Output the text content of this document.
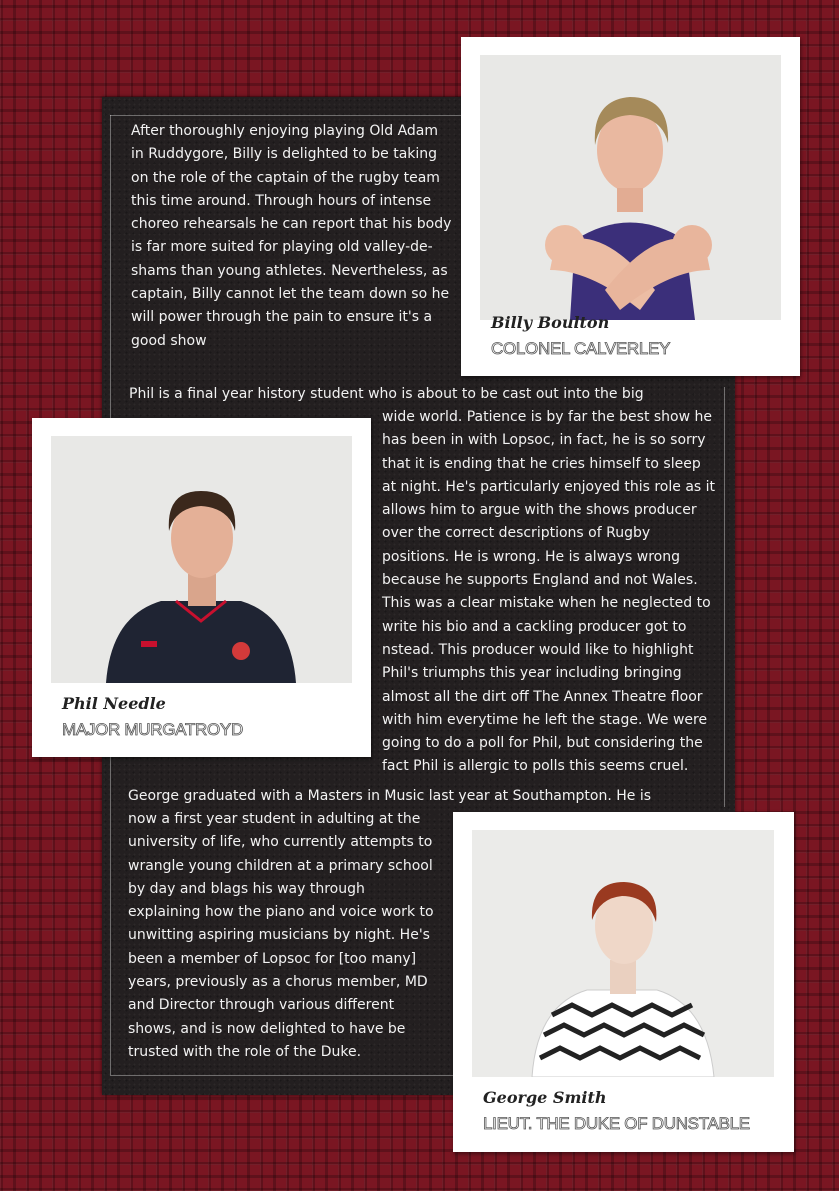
After thoroughly enjoying playing Old Adam in Ruddygore, Billy is delighted to be taking on the role of the captain of the rugby team this time around. Through hours of intense choreo rehearsals he can report that his body is far more suited for playing old valley-de-shams than young athletes. Nevertheless, as captain, Billy cannot let the team down so he will power through the pain to ensure it's a good show

Billy Boulton

COLONEL CALVERLEY

Phil is a final year history student who is about to be cast out into the big

wide world. Patience is by far the best show he has been in with Lopsoc, in fact, he is so sorry that it is ending that he cries himself to sleep at night. He's particularly enjoyed this role as it allows him to argue with the shows producer over the correct descriptions of Rugby positions. He is wrong. He is always wrong because he supports England and not Wales. This was a clear mistake when he neglected to write his bio and a cackling producer got to nstead. This producer would like to highlight Phil's triumphs this year including bringing almost all the dirt off The Annex Theatre floor with him everytime he left the stage. We were going to do a poll for Phil, but considering the fact Phil is allergic to polls this seems cruel.

Phil Needle

MAJOR MURGATROYD

George graduated with a Masters in Music last year at Southampton. He is

now a first year student in adulting at the university of life, who currently attempts to wrangle young children at a primary school by day and blags his way through explaining how the piano and voice work to unwitting aspiring musicians by night. He's been a member of Lopsoc for [too many] years, previously as a chorus member, MD and Director through various different shows, and is now delighted to have be trusted with the role of the Duke.

George Smith

LIEUT. THE DUKE OF DUNSTABLE
